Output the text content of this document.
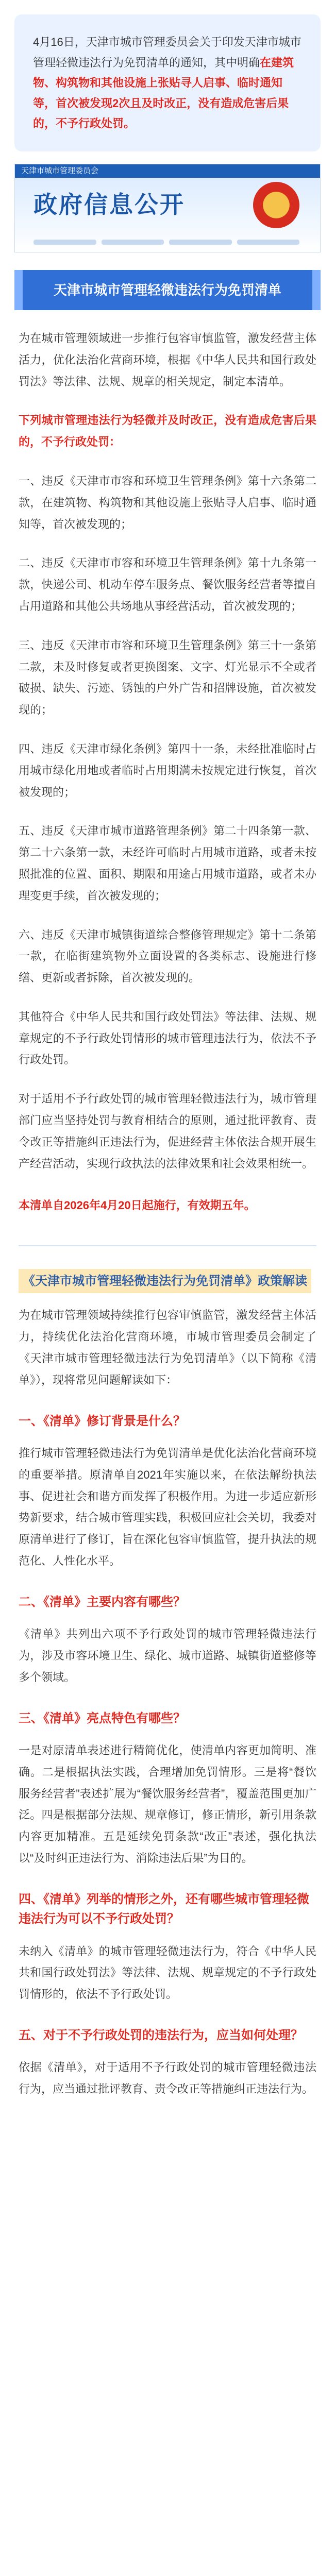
4月16日，天津市城市管理委员会关于印发天津市城市管理轻微违法行为免罚清单的通知，其中明确在建筑物、构筑物和其他设施上张贴寻人启事、临时通知等，首次被发现2次且及时改正，没有造成危害后果的，不予行政处罚。
天津市城市管理委员会
政府信息公开
天津市城市管理轻微违法行为免罚清单

为在城市管理领域进一步推行包容审慎监管，激发经营主体活力，优化法治化营商环境，根据《中华人民共和国行政处罚法》等法律、法规、规章的相关规定，制定本清单。

下列城市管理违法行为轻微并及时改正，没有造成危害后果的，不予行政处罚：

一、违反《天津市市容和环境卫生管理条例》第十六条第二款，在建筑物、构筑物和其他设施上张贴寻人启事、临时通知等，首次被发现的；

二、违反《天津市市容和环境卫生管理条例》第十九条第一款，快递公司、机动车停车服务点、餐饮服务经营者等擅自占用道路和其他公共场地从事经营活动，首次被发现的；

三、违反《天津市市容和环境卫生管理条例》第三十一条第二款，未及时修复或者更换图案、文字、灯光显示不全或者破损、缺失、污迹、锈蚀的户外广告和招牌设施，首次被发现的；

四、违反《天津市绿化条例》第四十一条，未经批准临时占用城市绿化用地或者临时占用期满未按规定进行恢复，首次被发现的；

五、违反《天津市城市道路管理条例》第二十四条第一款、第二十六条第一款，未经许可临时占用城市道路，或者未按照批准的位置、面积、期限和用途占用城市道路，或者未办理变更手续，首次被发现的；

六、违反《天津市城镇街道综合整修管理规定》第十二条第一款，在临街建筑物外立面设置的各类标志、设施进行修缮、更新或者拆除，首次被发现的。

其他符合《中华人民共和国行政处罚法》等法律、法规、规章规定的不予行政处罚情形的城市管理违法行为，依法不予行政处罚。

对于适用不予行政处罚的城市管理轻微违法行为，城市管理部门应当坚持处罚与教育相结合的原则，通过批评教育、责令改正等措施纠正违法行为，促进经营主体依法合规开展生产经营活动，实现行政执法的法律效果和社会效果相统一。

本清单自2026年4月20日起施行，有效期五年。

《天津市城市管理轻微违法行为免罚清单》政策解读

为在城市管理领域持续推行包容审慎监管，激发经营主体活力，持续优化法治化营商环境，市城市管理委员会制定了《天津市城市管理轻微违法行为免罚清单》（以下简称《清单》），现将常见问题解读如下：

一、《清单》修订背景是什么？

推行城市管理轻微违法行为免罚清单是优化法治化营商环境的重要举措。原清单自2021年实施以来，在依法解纷执法事、促进社会和谐方面发挥了积极作用。为进一步适应新形势新要求，结合城市管理实践，积极回应社会关切，我委对原清单进行了修订，旨在深化包容审慎监管，提升执法的规范化、人性化水平。

二、《清单》主要内容有哪些？

《清单》共列出六项不予行政处罚的城市管理轻微违法行为，涉及市容环境卫生、绿化、城市道路、城镇街道整修等多个领域。

三、《清单》亮点特色有哪些？

一是对原清单表述进行精简优化，使清单内容更加简明、准确。二是根据执法实践，合理增加免罚情形。三是将“餐饮服务经营者”表述扩展为“餐饮服务经营者”，覆盖范围更加广泛。四是根据部分法规、规章修订，修正情形，新引用条款内容更加精准。五是延续免罚条款“改正”表述，强化执法以“及时纠正违法行为、消除违法后果”为目的。

四、《清单》列举的情形之外，还有哪些城市管理轻微违法行为可以不予行政处罚？

未纳入《清单》的城市管理轻微违法行为，符合《中华人民共和国行政处罚法》等法律、法规、规章规定的不予行政处罚情形的，依法不予行政处罚。

五、对于不予行政处罚的违法行为，应当如何处理？

依据《清单》，对于适用不予行政处罚的城市管理轻微违法行为，应当通过批评教育、责令改正等措施纠正违法行为。
